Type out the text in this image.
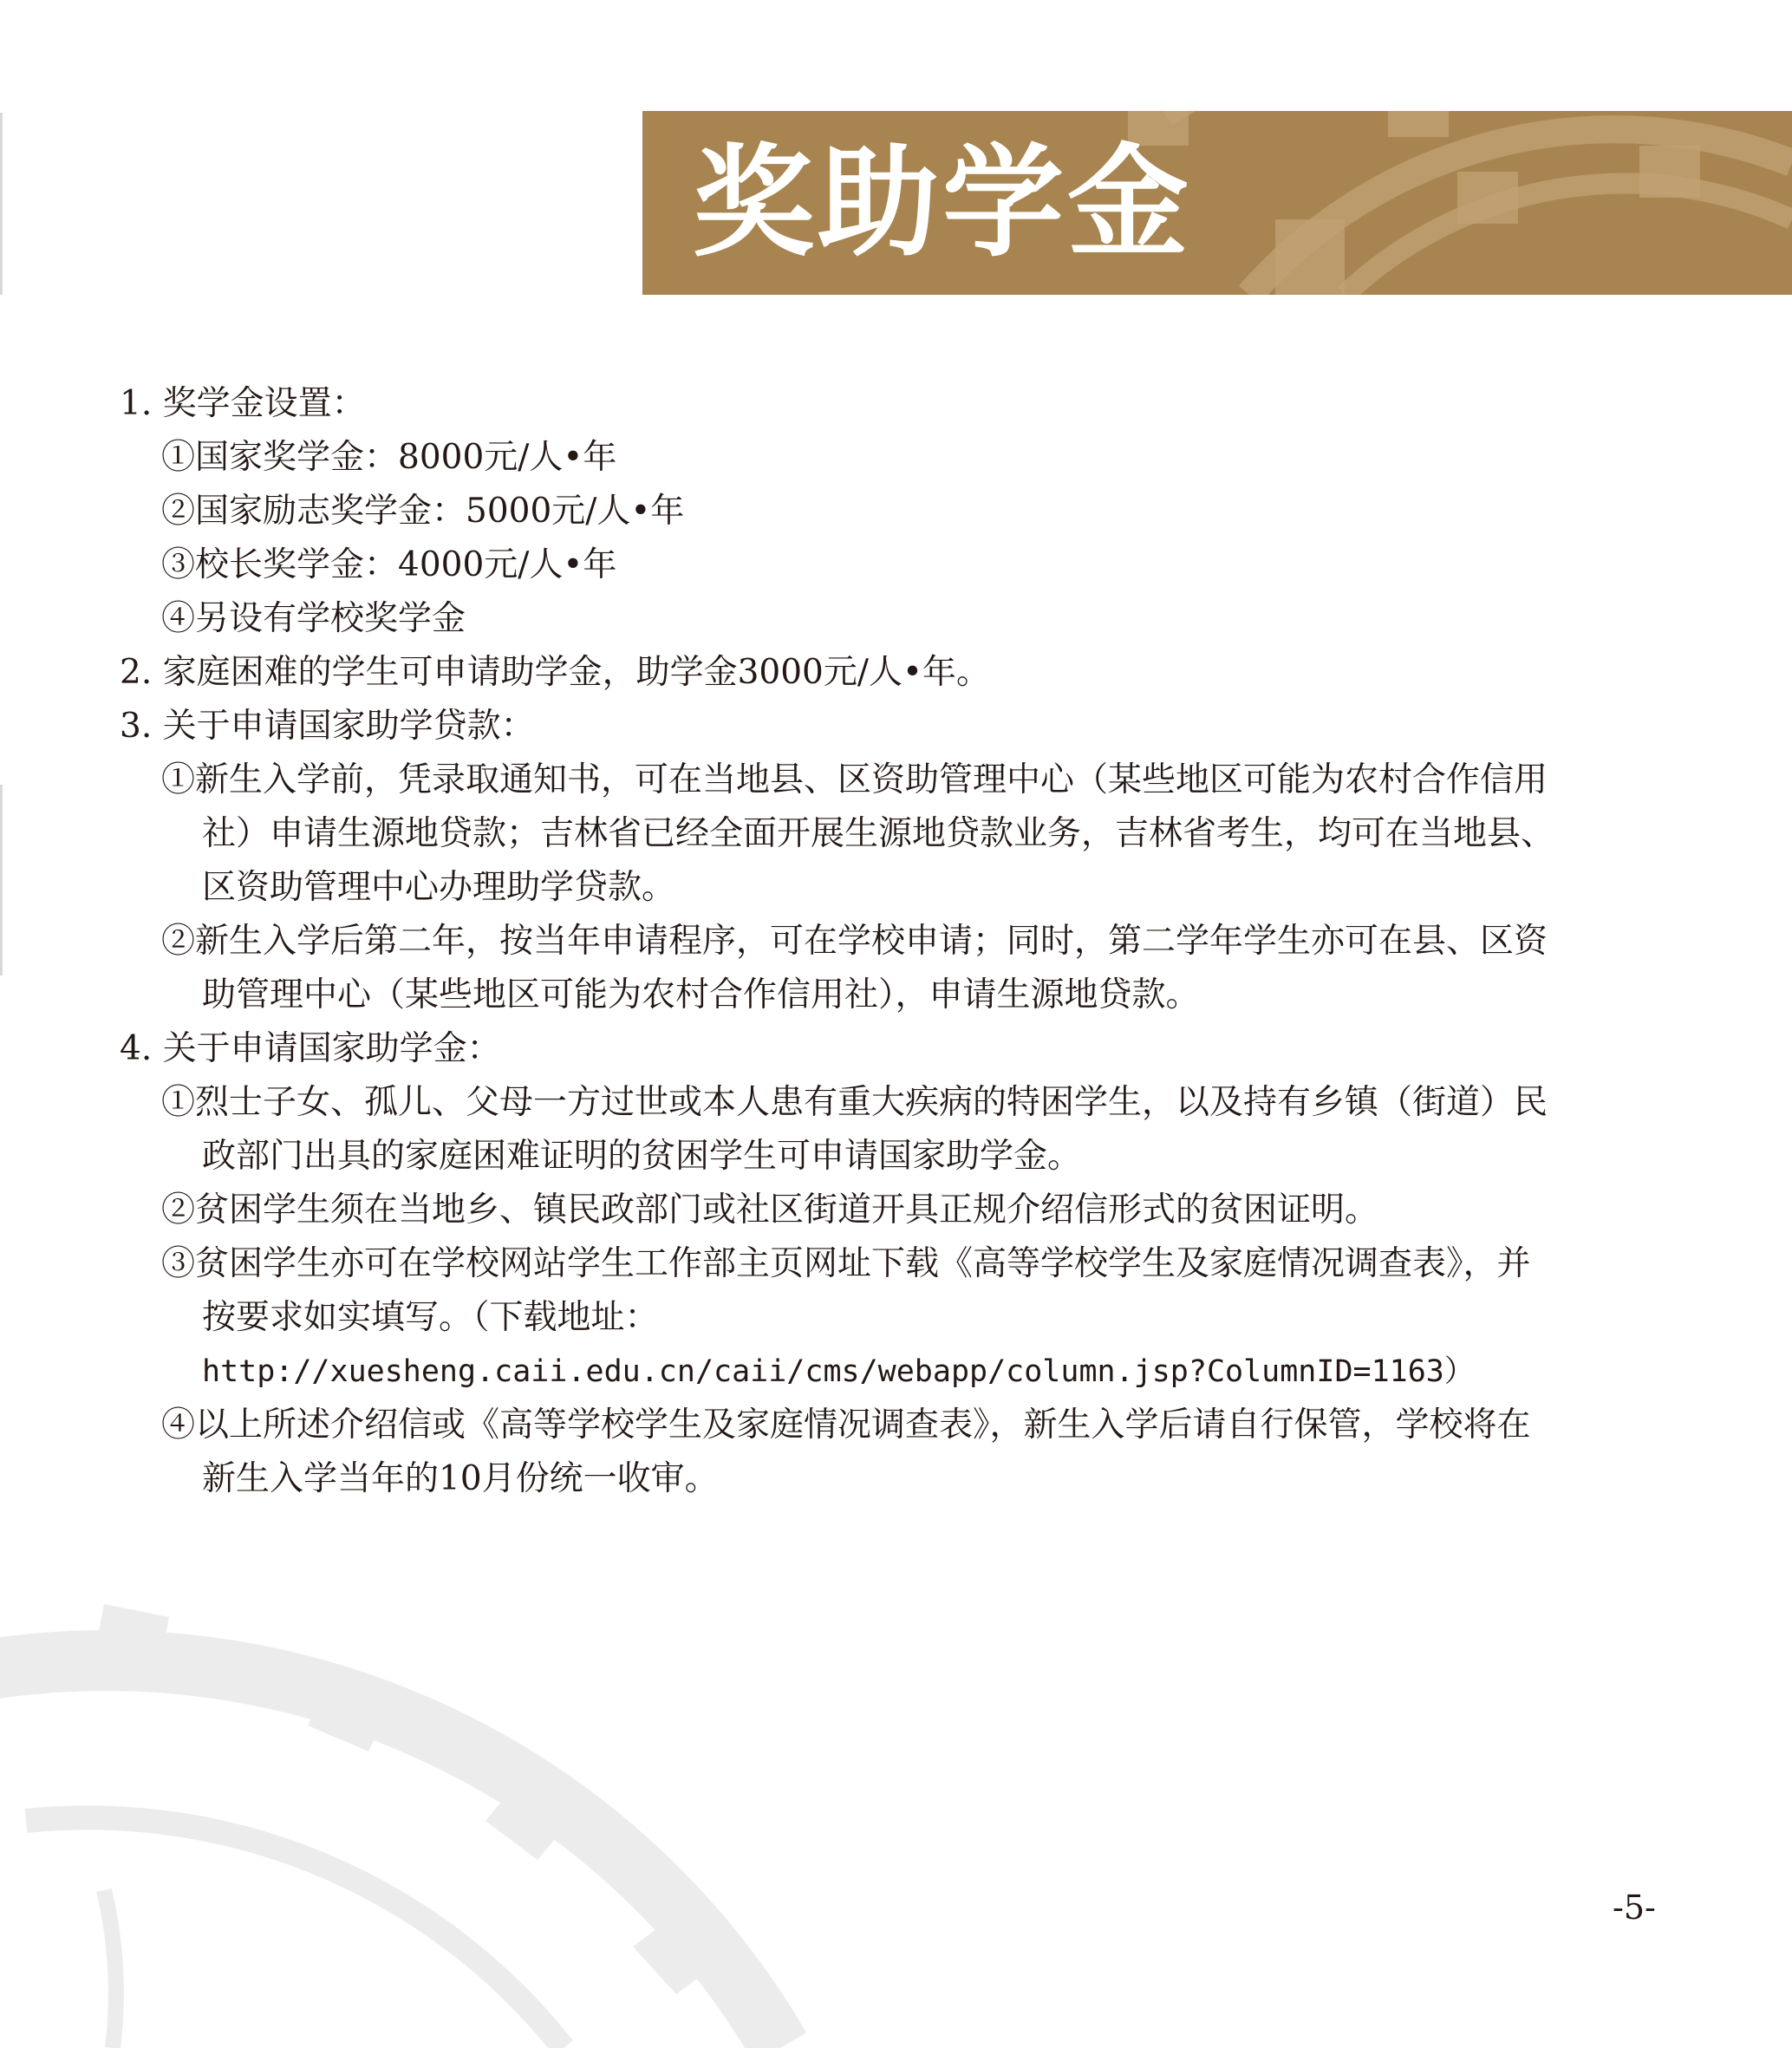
奖助学金
1. 奖学金设置：
①国家奖学金：8000元/人•年
②国家励志奖学金：5000元/人•年
③校长奖学金：4000元/人•年
④另设有学校奖学金
2. 家庭困难的学生可申请助学金，助学金3000元/人•年。
3. 关于申请国家助学贷款：
①新生入学前，凭录取通知书，可在当地县、区资助管理中心（某些地区可能为农村合作信用
社）申请生源地贷款；吉林省已经全面开展生源地贷款业务，吉林省考生，均可在当地县、
区资助管理中心办理助学贷款。
②新生入学后第二年，按当年申请程序，可在学校申请；同时，第二学年学生亦可在县、区资
助管理中心（某些地区可能为农村合作信用社），申请生源地贷款。
4. 关于申请国家助学金：
①烈士子女、孤儿、父母一方过世或本人患有重大疾病的特困学生，以及持有乡镇（街道）民
政部门出具的家庭困难证明的贫困学生可申请国家助学金。
②贫困学生须在当地乡、镇民政部门或社区街道开具正规介绍信形式的贫困证明。
③贫困学生亦可在学校网站学生工作部主页网址下载《高等学校学生及家庭情况调查表》，并
按要求如实填写。（下载地址：
http://xuesheng.caii.edu.cn/caii/cms/webapp/column.jsp?ColumnID=1163）
④以上所述介绍信或《高等学校学生及家庭情况调查表》，新生入学后请自行保管，学校将在
新生入学当年的10月份统一收审。
-5-
